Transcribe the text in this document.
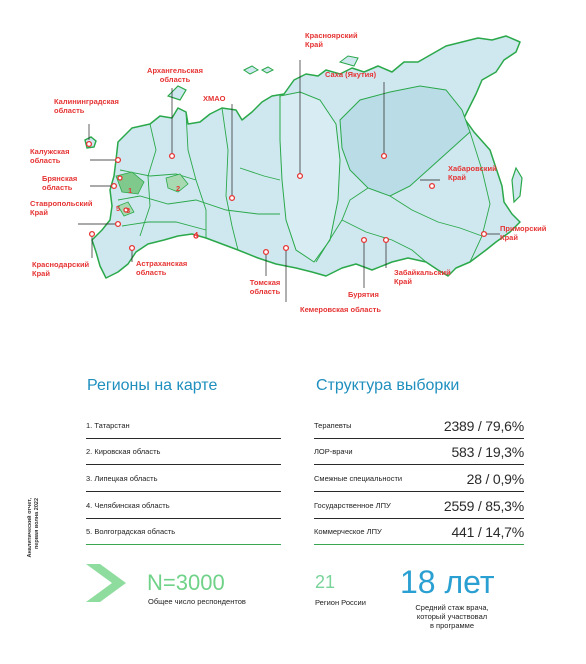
1	2
3
4
5
Калининградская
область
Архангельская
область
ХМАО
Красноярский
Край
Саха (Якутия)
Калужская
область
Брянская
область
Ставропольский
Край
Хабаровский
Край
Приморский
Край
Краснодарский
Край
Астраханская
область
Томская
область	Бурятия
Забайкальский
Край
Кемеровская область
Регионы на карте	Структура выборки
1. Татарстан
2. Кировская область
3. Липецкая область
4. Челябинская область
5. Волгоградская область
Терапевты	2389 / 79,6%
ЛОР-врачи	583 / 19,3%
Смежные специальности	28 / 0,9%
Государственное ЛПУ	2559 / 85,3%
Коммерческое ЛПУ	441 / 14,7%
Аналитический отчет,
первая волна 2022
N=3000
Общее число респондентов
21
Регион России
18 лет
Средний стаж врача,
который участвовал
в программе
